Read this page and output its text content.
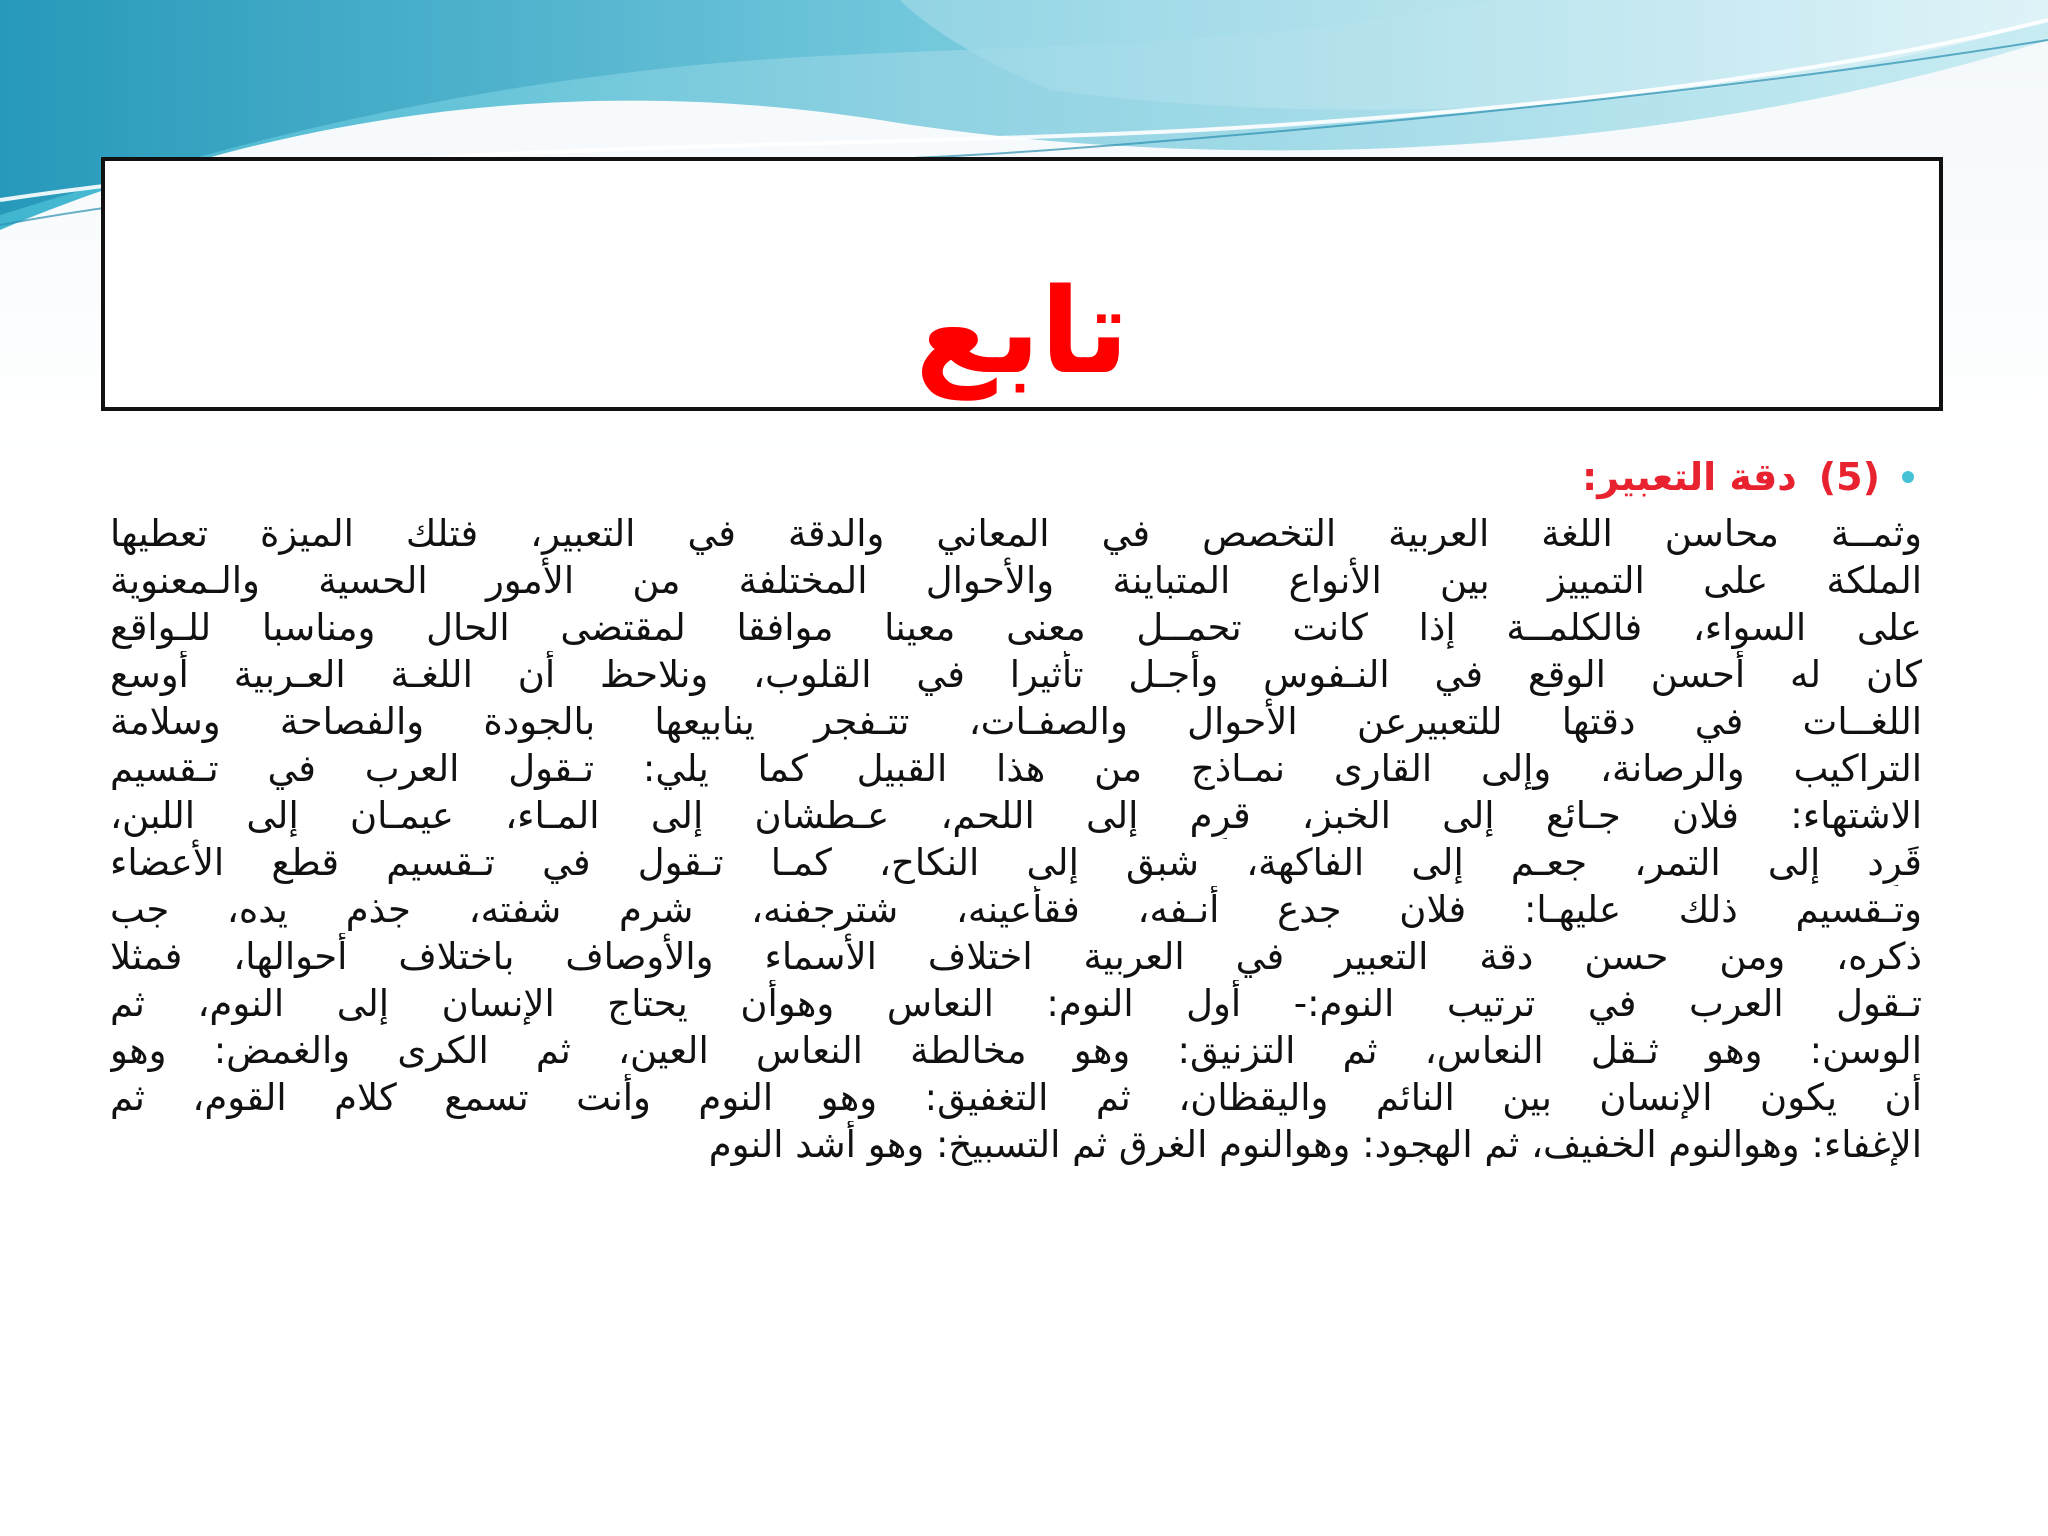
تابع
(5)
دقة التعبير:
وثمــة محاسن اللغة العربية التخصص في المعاني والدقة في التعبير، فتلك الميزة تعطيها
الملكة على التمييز بين الأنواع المتباينة والأحوال المختلفة من الأمور الحسية والـمعنوية
على السواء، فالكلمــة إذا كانت تحمــل معنى معينا موافقا لمقتضى الحال ومناسبا للـواقع
كان له أحسن الوقع في النـفوس وأجـل تأثيرا في القلوب، ونلاحظ أن اللغـة العـربية أوسع
اللغــات في دقتها للتعبيرعن الأحوال والصفـات، تتـفجر ينابيعها بالجودة والفصاحة وسلامة
التراكيب والرصانة، وإلى القارى نمـاذج من هذا القبيل كما يلي: تـقول العرب في تـقسيم
الاشتهاء: فلان جـائع إلى الخبز، قرِم إلى اللحم، عـطشان إلى المـاء، عيمـان إلى اللبن،
قَرِد إلى التمر، جعـم إلى الفاكهة، شبق إلى النكاح، كمـا تـقول في تـقسيم قطع الأعضاء
وتـقسيم ذلك عليهـا: فلان جدع أنـفه، فقأعينه، شترجفنه، شرم شفته، جذم يده، جب
ذكره، ومن حسن دقة التعبير في العربية اختلاف الأسماء والأوصاف باختلاف أحوالها، فمثلا
تـقول العرب في ترتيب النوم:- أول النوم: النعاس وهوأن يحتاج الإنسان إلى النوم، ثم
الوسن: وهو ثـقل النعاس، ثم التزنيق: وهو مخالطة النعاس العين، ثم الكرى والغمض: وهو
أن يكون الإنسان بين النائم واليقظان، ثم التغفيق: وهو النوم وأنت تسمع كلام القوم، ثم
الإغفاء: وهوالنوم الخفيف، ثم الهجود: وهوالنوم الغرق ثم التسبيخ: وهو أشد النوم
